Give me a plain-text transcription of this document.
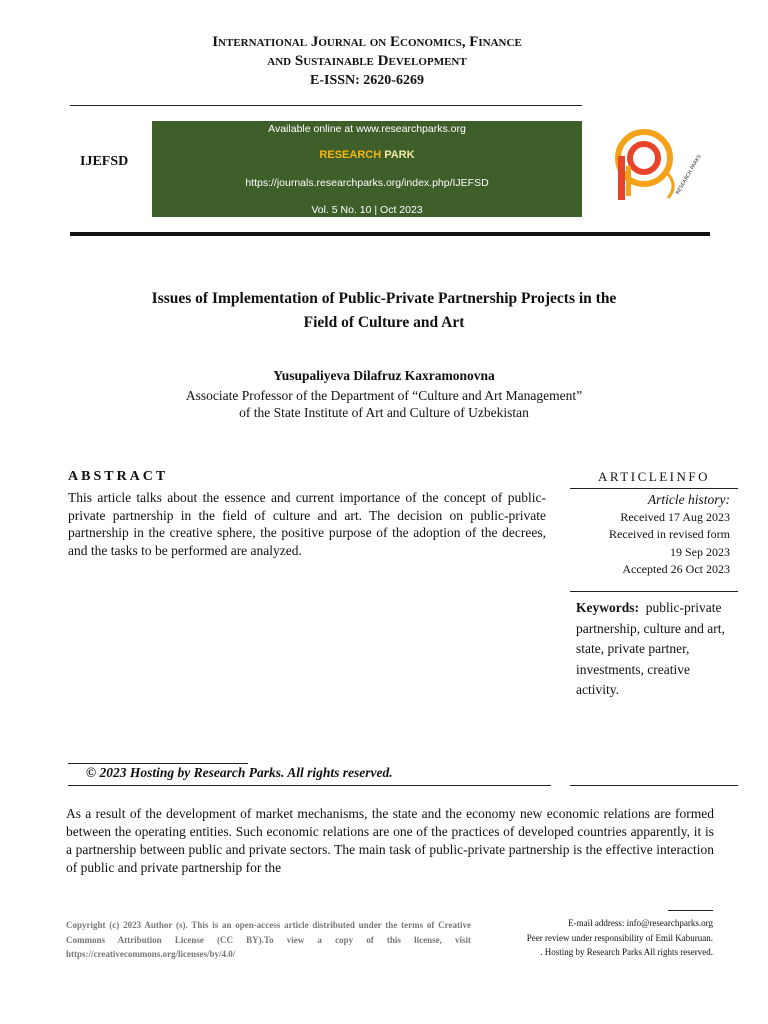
International Journal on Economics, Finance
and Sustainable Development
E-ISSN: 2620-6269
IJEFSD
Available online at www.researchparks.org
RESEARCH PARK
https://journals.researchparks.org/index.php/IJEFSD
Vol. 5 No. 10 | Oct 2023
RESEARCH PARKS
Issues of Implementation of Public-Private Partnership Projects in the
Field of Culture and Art
Yusupaliyeva Dilafruz Kaxramonovna
Associate Professor of the Department of “Culture and Art Management”
of the State Institute of Art and Culture of Uzbekistan
ABSTRACT
This article talks about the essence and current importance of the concept of public-private partnership in the field of culture and art. The decision on public-private partnership in the creative sphere, the positive purpose of the adoption of the decrees, and the tasks to be performed are analyzed.
ARTICLEINFO
Article history:
Received 17 Aug 2023
Received in revised form
19 Sep 2023
Accepted 26 Oct 2023
Keywords: public-private partnership, culture and art, state, private partner, investments, creative activity.
© 2023 Hosting by Research Parks. All rights reserved.
As a result of the development of market mechanisms, the state and the economy new economic relations are formed between the operating entities. Such economic relations are one of the practices of developed countries apparently, it is a partnership between public and private sectors. The main task of public-private partnership is the effective interaction of public and private partnership for the
Copyright (c) 2023 Author (s). This is an open-access article distributed under the terms of Creative Commons Attribution License (CC BY).To view a copy of this license, visit https://creativecommons.org/licenses/by/4.0/
E-mail address: info@researchparks.org
Peer review under responsibility of Emil Kaburuan.
. Hosting by Research Parks All rights reserved.
